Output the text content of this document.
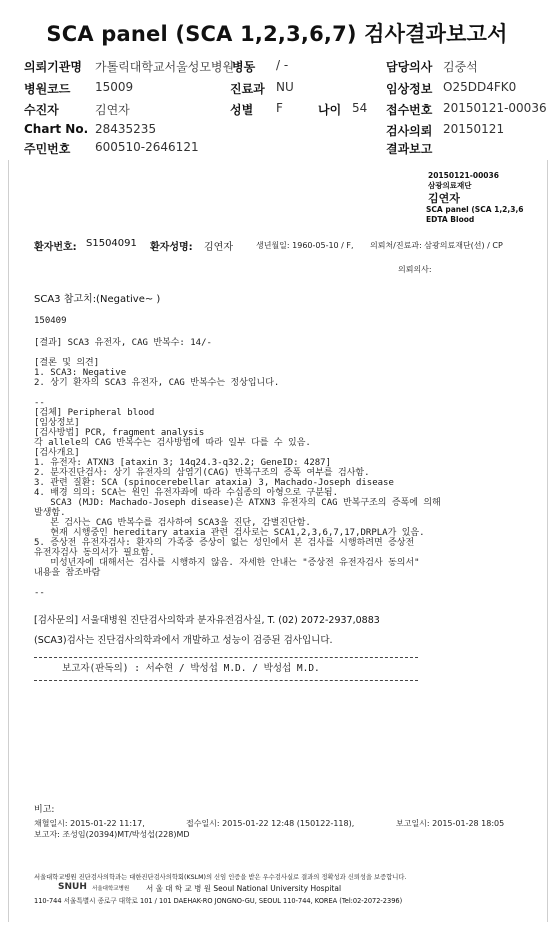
SCA panel (SCA 1,2,3,6,7) 검사결과보고서
의뢰기관명 가톨릭대학교서울성모병원
병원코드 15009
수진자	김연자
Chart No. 28435235
주민번호 600510-2646121
병동 / -
진료과 NU
성별 F	나이 54
담당의사 김중석
임상정보 O25DD4FK0
접수번호 20150121-00036
검사의뢰 20150121
결과보고
20150121-00036
삼광의료재단
김연자
SCA panel (SCA 1,2,3,6
EDTA Blood
환자번호: S1504091 환자성명: 김연자	생년월일: 1960-05-10 / F, 의뢰처/진료과: 삼광의료재단(선) / CP
의뢰의사:
SCA3 참고치:(Negative~ )
150409
[결과] SCA3 유전자, CAG 반복수: 14/-
[결론 및 의견]
1. SCA3: Negative
2. 상기 환자의 SCA3 유전자, CAG 반복수는 정상입니다.
--
[검체] Peripheral blood
[임상정보]
[검사방법] PCR, fragment analysis
각 allele의 CAG 반복수는 검사방법에 따라 일부 다를 수 있음.
[검사개요]
1. 유전자: ATXN3 [ataxin 3; 14q24.3-q32.2; GeneID: 4287]
2. 분자진단검사: 상기 유전자의 삼염기(CAG) 반복구조의 증폭 여부를 검사함.
3. 관련 질환: SCA (spinocerebellar ataxia) 3, Machado-Joseph disease
4. 배경 의의: SCA는 원인 유전자좌에 따라 수십종의 아형으로 구분됨.
SCA3 (MJD: Machado-Joseph disease)은 ATXN3 유전자의 CAG 반복구조의 증폭에 의해
발생함.
본 검사는 CAG 반복수를 검사하여 SCA3을 진단, 감별진단함.
현재 시행중인 hereditary ataxia 관련 검사로는 SCA1,2,3,6,7,17,DRPLA가 있음.
5. 증상전 유전자검사: 환자의 가족중 증상이 없는 성인에서 본 검사를 시행하려면 증상전
유전자검사 동의서가 필요함.
미성년자에 대해서는 검사를 시행하지 않음. 자세한 안내는 "증상전 유전자검사 동의서"
내용을 참조바람
--
[검사문의] 서울대병원 진단검사의학과 분자유전검사실, T. (02) 2072-2937,0883
(SCA3)검사는 진단검사의학과에서 개발하고 성능이 검증된 검사입니다.
보고자(판독의) : 서수현 / 박성섭 M.D. / 박성섭 M.D.
비고:
채혈일시: 2015-01-22 11:17,	접수일시: 2015-01-22 12:48 (150122-118),	보고일시: 2015-01-28 18:05
보고자: 조성임(20394)MT/박성섭(228)MD
서울대학교병원 진단검사의학과는 대한진단검사의학회(KSLM)의 신임 인증을 받은 우수검사실로 결과의 정확성과 신뢰성을 보증합니다.
SNUH 서울대학교병원 서 울 대 학 교 병 원 Seoul National University Hospital
110-744 서울특별시 종로구 대학로 101 / 101 DAEHAK-RO JONGNO-GU, SEOUL 110-744, KOREA (Tel:02-2072-2396)
